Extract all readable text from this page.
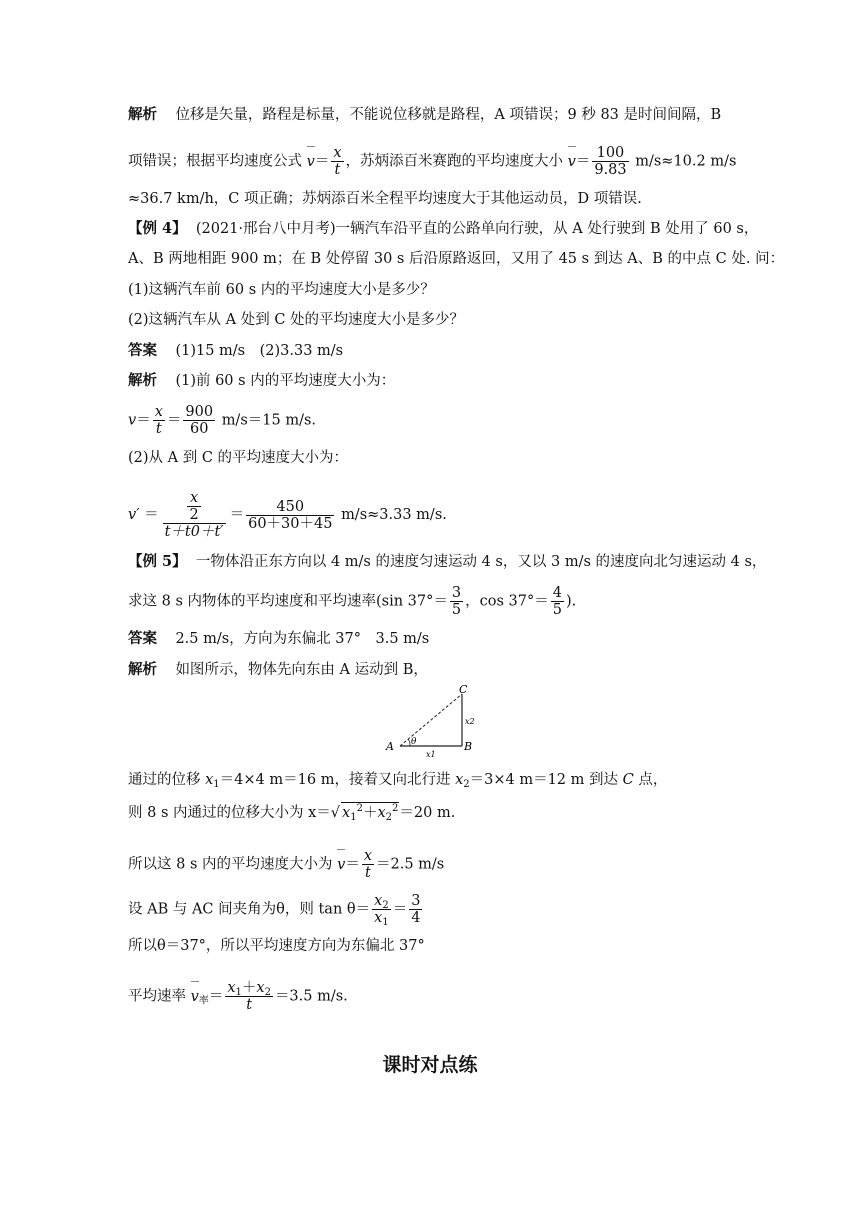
解析 位移是矢量，路程是标量，不能说位移就是路程，A 项错误；9 秒 83 是时间间隔，B
项错误；根据平均速度公式 $v= \frac{x}{t}$ ，苏炳添百米赛跑的平均速度大小 $v= \frac{100}{9.83} m/s\approx 10.2$ m/s
≈36.7 km/h，C 项正确；苏炳添百米全程平均速度大于其他运动员，D 项错误.
【例 4】 (2021·邢台八中月考)一辆汽车沿平直的公路单向行驶，从 A 处行驶到 B 处用了 60 s，
A、B 两地相距 900 m；在 B 处停留 30 s 后沿原路返回，又用了 45 s 到达 A、B 的中点 C 处. 问：
(1)这辆汽车前 60 s 内的平均速度大小是多少？
(2)这辆汽车从 A 处到 C 处的平均速度大小是多少？
答案 (1)15 m/s　(2)3.33 m/s
解析 (1)前 60 s 内的平均速度大小为：
$v= \frac{x}{t} = \frac{900}{60} m/s=15$ m/s.
(2)从 A 到 C 的平均速度大小为：
$v' = \frac{\frac{x}{2}}{t+t0+t'} = \frac{450}{60+30+45} m/s\approx 3.33$ m/s.
【例 5】 一物体沿正东方向以 4 m/s 的速度匀速运动 4 s，又以 3 m/s 的速度向北匀速运动 4 s，
求这 8 s 内物体的平均速度和平均速率(sin $37^\circ= \frac{3}{5}$ ，$\cos 37^\circ= \frac{4}{5}$ ).
答案 2.5 m/s，方向为东偏北 37°　3.5 m/s
解析 如图所示，物体先向东由 A 运动到 B，
A	B
C
θ
x1
x2
通过的位移 $x_1=4\times 4$ m＝16 m，接着又向北行进 $x_2=3\times 4$ m＝12 m 到达 C 点，
则 8 s 内通过的位移大小为 x＝√ $x_1^2+x_2^2=20$ m.
所以这 8 s 内的平均速度大小为 $v= \frac{x}{t} =2.5$ m/s
设 AB 与 AC 间夹角为θ，则 $\tan \theta= \frac{x_2}{x_1} = \frac{3}{4}$
所以θ＝37°，所以平均速度方向为东偏北 37°
平均速率 $v_率= \frac{x_1+x_2}{t} =3.5$ m/s.
课时对点练
